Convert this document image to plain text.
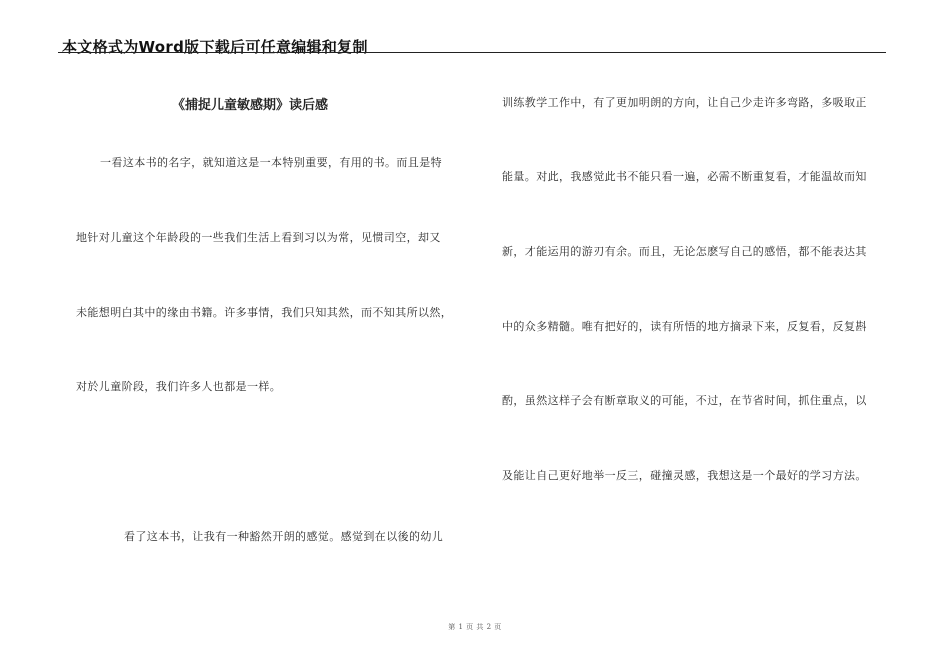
本文格式为Word版下载后可任意编辑和复制
《捕捉儿童敏感期》读后感
一看这本书的名字，就知道这是一本特别重要，有用的书。而且是特
地针对儿童这个年龄段的一些我们生活上看到习以为常，见惯司空，却又
未能想明白其中的缘由书籍。许多事情，我们只知其然，而不知其所以然，
对於儿童阶段，我们许多人也都是一样。
看了这本书，让我有一种豁然开朗的感觉。感觉到在以後的幼儿
训练教学工作中，有了更加明朗的方向，让自己少走许多弯路，多吸取正
能量。对此，我感觉此书不能只看一遍，必需不断重复看，才能温故而知
新，才能运用的游刃有余。而且，无论怎麽写自己的感悟，都不能表达其
中的众多精髓。唯有把好的，读有所悟的地方摘录下来，反复看，反复斟
酌，虽然这样子会有断章取义的可能，不过，在节省时间，抓住重点，以
及能让自己更好地举一反三，碰撞灵感，我想这是一个最好的学习方法。
第 1 页 共 2 页
